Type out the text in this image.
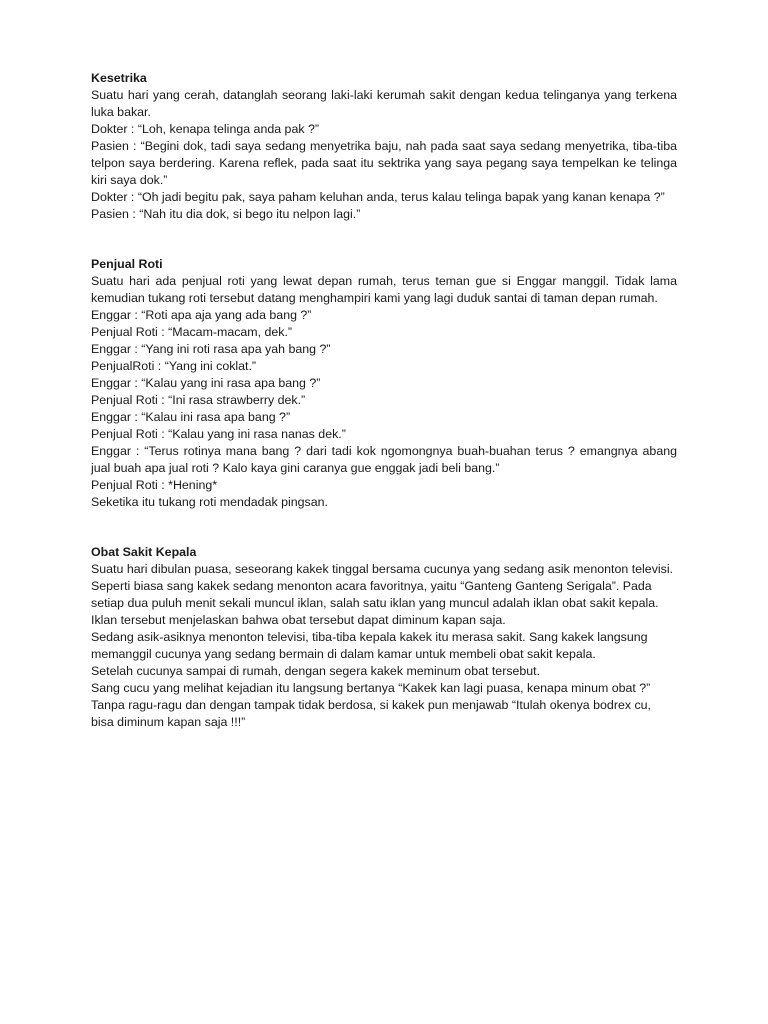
Kesetrika

Suatu hari yang cerah, datanglah seorang laki-laki kerumah sakit dengan kedua telinganya yang terkena luka bakar.

Dokter : “Loh, kenapa telinga anda pak ?”

Pasien : “Begini dok, tadi saya sedang menyetrika baju, nah pada saat saya sedang menyetrika, tiba-tiba telpon saya berdering. Karena reflek, pada saat itu sektrika yang saya pegang saya tempelkan ke telinga kiri saya dok.”

Dokter : “Oh jadi begitu pak, saya paham keluhan anda, terus kalau telinga bapak yang kanan kenapa ?”

Pasien : “Nah itu dia dok, si bego itu nelpon lagi.”

Penjual Roti

Suatu hari ada penjual roti yang lewat depan rumah, terus teman gue si Enggar manggil. Tidak lama kemudian tukang roti tersebut datang menghampiri kami yang lagi duduk santai di taman depan rumah.

Enggar : “Roti apa aja yang ada bang ?”

Penjual Roti : “Macam-macam, dek.”

Enggar : “Yang ini roti rasa apa yah bang ?”

PenjualRoti : “Yang ini coklat.”

Enggar : “Kalau yang ini rasa apa bang ?”

Penjual Roti : “Ini rasa strawberry dek.”

Enggar : “Kalau ini rasa apa bang ?”

Penjual Roti : “Kalau yang ini rasa nanas dek.”

Enggar : “Terus rotinya mana bang ? dari tadi kok ngomongnya buah-buahan terus ? emangnya abang jual buah apa jual roti ? Kalo kaya gini caranya gue enggak jadi beli bang.”

Penjual Roti : *Hening*

Seketika itu tukang roti mendadak pingsan.

Obat Sakit Kepala

Suatu hari dibulan puasa, seseorang kakek tinggal bersama cucunya yang sedang asik menonton televisi.

Seperti biasa sang kakek sedang menonton acara favoritnya, yaitu “Ganteng Ganteng Serigala”. Pada setiap dua puluh menit sekali muncul iklan, salah satu iklan yang muncul adalah iklan obat sakit kepala. Iklan tersebut menjelaskan bahwa obat tersebut dapat diminum kapan saja.

Sedang asik-asiknya menonton televisi, tiba-tiba kepala kakek itu merasa sakit. Sang kakek langsung memanggil cucunya yang sedang bermain di dalam kamar untuk membeli obat sakit kepala.

Setelah cucunya sampai di rumah, dengan segera kakek meminum obat tersebut.

Sang cucu yang melihat kejadian itu langsung bertanya “Kakek kan lagi puasa, kenapa minum obat ?”

Tanpa ragu-ragu dan dengan tampak tidak berdosa, si kakek pun menjawab “Itulah okenya bodrex cu, bisa diminum kapan saja !!!”
